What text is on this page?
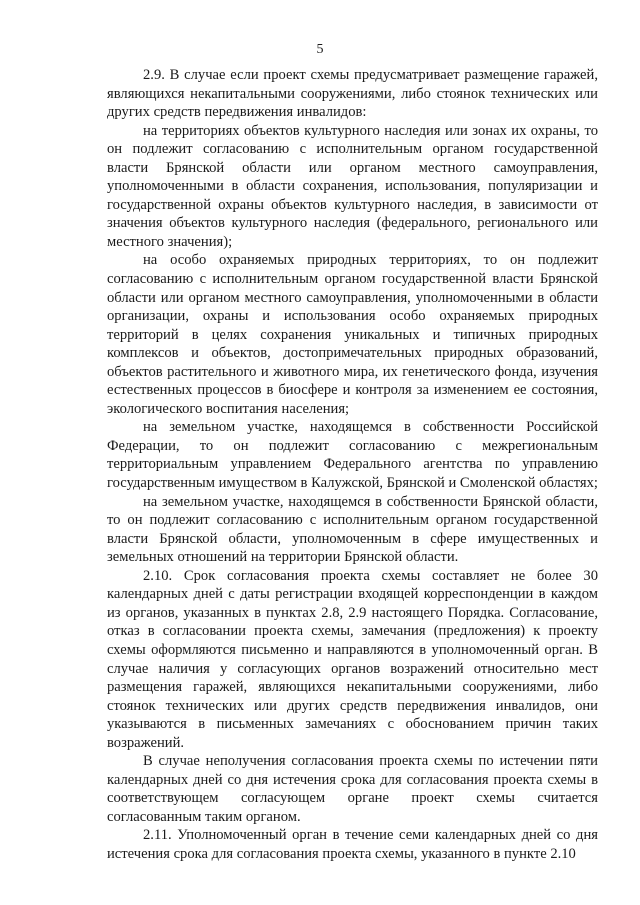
5

2.9. В случае если проект схемы предусматривает размещение гаражей, являющихся некапитальными сооружениями, либо стоянок технических или других средств передвижения инвалидов:

на территориях объектов культурного наследия или зонах их охраны, то он подлежит согласованию с исполнительным органом государственной власти Брянской области или органом местного самоуправления, уполномоченными в области сохранения, использования, популяризации и государственной охраны объектов культурного наследия, в зависимости от значения объектов культурного наследия (федерального, регионального или местного значения);

на особо охраняемых природных территориях, то он подлежит согласованию с исполнительным органом государственной власти Брянской области или органом местного самоуправления, уполномоченными в области организации, охраны и использования особо охраняемых природных территорий в целях сохранения уникальных и типичных природных комплексов и объектов, достопримечательных природных образований, объектов растительного и животного мира, их генетического фонда, изучения естественных процессов в биосфере и контроля за изменением ее состояния, экологического воспитания населения;

на земельном участке, находящемся в собственности Российской Федерации, то он подлежит согласованию с межрегиональным территориальным управлением Федерального агентства по управлению государственным имуществом в Калужской, Брянской и Смоленской областях;

на земельном участке, находящемся в собственности Брянской области, то он подлежит согласованию с исполнительным органом государственной власти Брянской области, уполномоченным в сфере имущественных и земельных отношений на территории Брянской области.

2.10. Срок согласования проекта схемы составляет не более 30 календарных дней с даты регистрации входящей корреспонденции в каждом из органов, указанных в пунктах 2.8, 2.9 настоящего Порядка. Согласование, отказ в согласовании проекта схемы, замечания (предложения) к проекту схемы оформляются письменно и направляются в уполномоченный орган. В случае наличия у согласующих органов возражений относительно мест размещения гаражей, являющихся некапитальными сооружениями, либо стоянок технических или других средств передвижения инвалидов, они указываются в письменных замечаниях с обоснованием причин таких возражений.

В случае неполучения согласования проекта схемы по истечении пяти календарных дней со дня истечения срока для согласования проекта схемы в соответствующем согласующем органе проект схемы считается согласованным таким органом.

2.11. Уполномоченный орган в течение семи календарных дней со дня истечения срока для согласования проекта схемы, указанного в пункте 2.10
